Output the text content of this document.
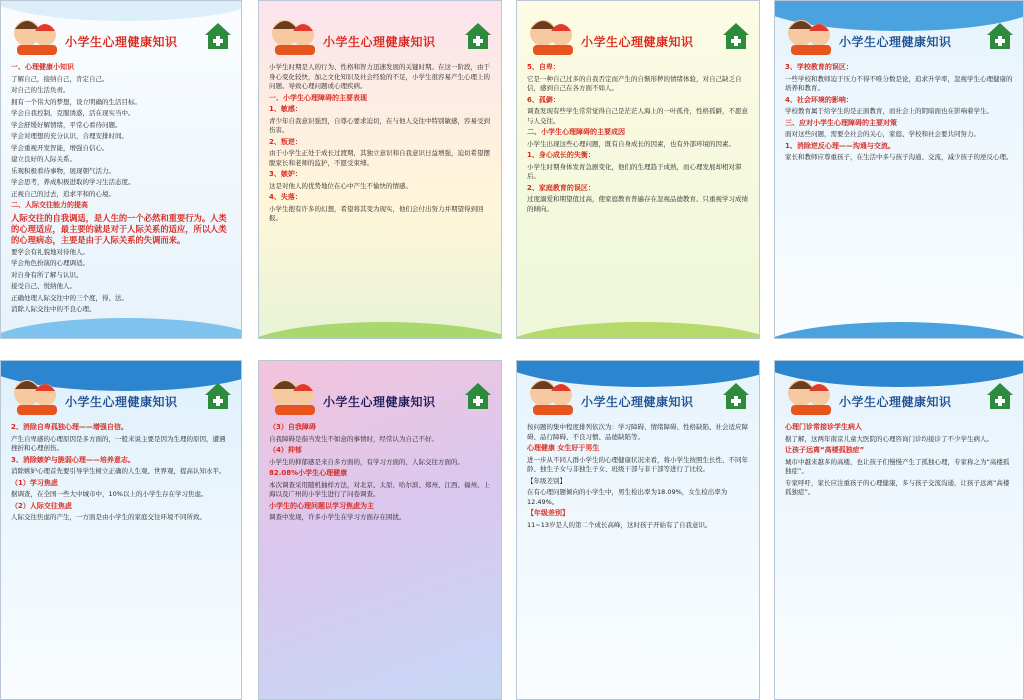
小学生心理健康知识

一、心理健康小知识

了解自己，接纳自己，肯定自己。

对自己的生活负责。

拥有一个伟大的梦想，设立明确的生活目标。

学会自我控制，克服诱惑，活在现实当中。

学会舒缓好解情绪，平常心看待问题。

学会对理想的充分认识，合理安排时间。

学会重视开发智能，增强自信心。

建立良好的人际关系。

乐观积极看待事物，展现朝气活力。

学会思考，养成积极进取的学习生活态度。

正视自己的过去，追求平和的心境。

二、人际交往能力的提高

人际交往的自我调适，是人生的一个必然和重要行为。人类的心理适应，最主要的就是对于人际关系的适应，所以人类的心理病态，主要是由于人际关系的失调而来。

要学会有礼貌地对待他人。

学会角色扮演的心理调适。

对自身有所了解与认识。

接受自己、悦纳他人。

正确处理人际交往中的三个度，得、法。

消除人际交往中的不良心理。

小学生心理健康知识

小学生时期是人的行为、性格和智力迅速发展的关键时期。在这一阶段，由于身心变化较快，加之文化知识及社会经验的不足，小学生很容易产生心理上的问题。导致心理问题或心理疾病。

一、小学生心理障碍的主要表现

1、敏感：

青少年自我意识强烈，自尊心要求迫切，在与他人交往中特别敏感，容易受到伤害。

2、叛逆：

由于小学生正处于成长过渡期，其独立意识和自我意识日益增强，迫切希望摆脱家长和老师的监护，不愿受束缚。

3、嫉妒：

这是对他人的优势地位在心中产生不愉快的情感。

4、失落：

小学生抱有许多的幻想，希望将其变为现实，他们会付出努力并期望得到回报。

小学生心理健康知识

5、自卑：

它是一种自己过多的自我否定而产生的自惭形秽的情绪体验，对自己缺乏自信，感到自己在各方面不如人。

6、孤僻：

调查发现有些学生常常觉得自己是茫茫人海上的一叶孤舟，性格孤僻，不愿意与人交往。

二、小学生心理障碍的主要成因

小学生出现这些心理问题，既有自身成长的因素，也有外部环境的因素。

1、身心成长的失衡：

小学生时期身体发育急剧变化，他们的生理趋于成熟，而心理发展却相对滞后。

2、家庭教育的误区：

过度溺爱和期望值过高，使家庭教育普遍存在忽视品德教育、只重视学习成绩的倾向。

小学生心理健康知识

3、学校教育的误区：

一些学校和教师迫于压力不得不唯分数是论，追求升学率，忽视学生心理健康的培养和教育。

4、社会环境的影响：

学校教育属于给学生的是正面教育，而社会上的阴暗面也在影响着学生。

三、应对小学生心理障碍的主要对策

面对这些问题，需要全社会的关心，家庭、学校和社会要共同努力。

1、消除逆反心理——沟通与交流。

家长和教师应尊重孩子，在生活中多与孩子沟通、交流，减少孩子的逆反心理。

小学生心理健康知识

2、消除自卑孤独心理——增强自信。

产生自卑感的心理原因是多方面的，一般来说主要是因为生理的原因，遭遇挫折和心理创伤。

3、消除嫉妒与脆弱心理——培养意志。

消除嫉妒心理首先要引导学生树立正确的人生观、世界观，提高认知水平。

（1）学习焦虑

据调查，在全国一些大中城市中，10%以上的小学生存在学习焦虑。

（2）人际交往焦虑

人际交往焦虑的产生，一方面是由小学生的家庭交往环境不同所致。

小学生心理健康知识

（3）自我障碍

自我障碍是指当发生不如意的事情时，经常认为自己不好。

（4）抑郁

小学生的抑郁感是来自多方面的，有学习方面的，人际交往方面的。

82.08%小学生心理健康

本次调查采用随机抽样方法，对北京、太原、哈尔滨、郑州、江西、福州、上海以及广州的小学生进行了问卷调查。

小学生的心理问题以学习焦虑为主

调查中发现，许多小学生在学习方面存在困扰。

小学生心理健康知识

按问题的集中程度排列依次为：学习障碍、情绪障碍、性格缺陷、社会适应障碍、品行障碍、不良习惯、品德缺陷等。

心理健康 女生好于男生

进一步从不同人群小学生的心理健康状况来看，将小学生按照生长性、不同年龄、独生子女与非独生子女、班级干部与非干部等进行了比较。

【年级差别】

在有心理问题倾向的小学生中，男生检出率为18.09%，女生检出率为12.49%。

【年级差别】

11~13岁是人的第二个成长高峰，这时孩子开始有了自我意识。

小学生心理健康知识

心理门诊常接诊学生病人

据了解，这两年南京儿童大医院的心理咨询门诊均接诊了不少学生病人。

让孩子远离“高楼孤独症”

城市中越来越多的高楼，也让孩子们慢慢产生了孤独心理，专家称之为“高楼孤独症”。

专家呼吁，家长应注重孩子的心理健康，多与孩子交流沟通，让孩子远离“高楼孤独症”。
